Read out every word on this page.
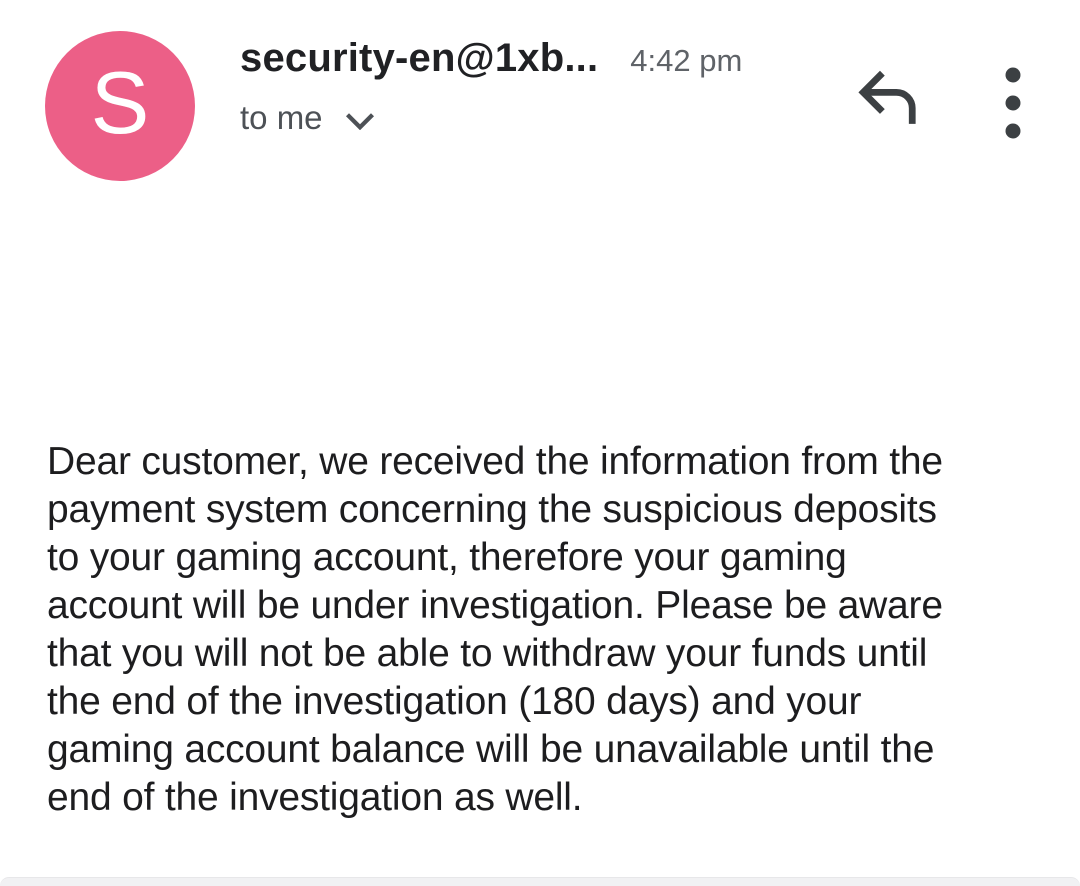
S security-en@1xb... 4:42 pm
to me
Dear customer, we received the information from the
payment system concerning the suspicious deposits
to your gaming account, therefore your gaming
account will be under investigation. Please be aware
that you will not be able to withdraw your funds until
the end of the investigation (180 days) and your
gaming account balance will be unavailable until the
end of the investigation as well.
